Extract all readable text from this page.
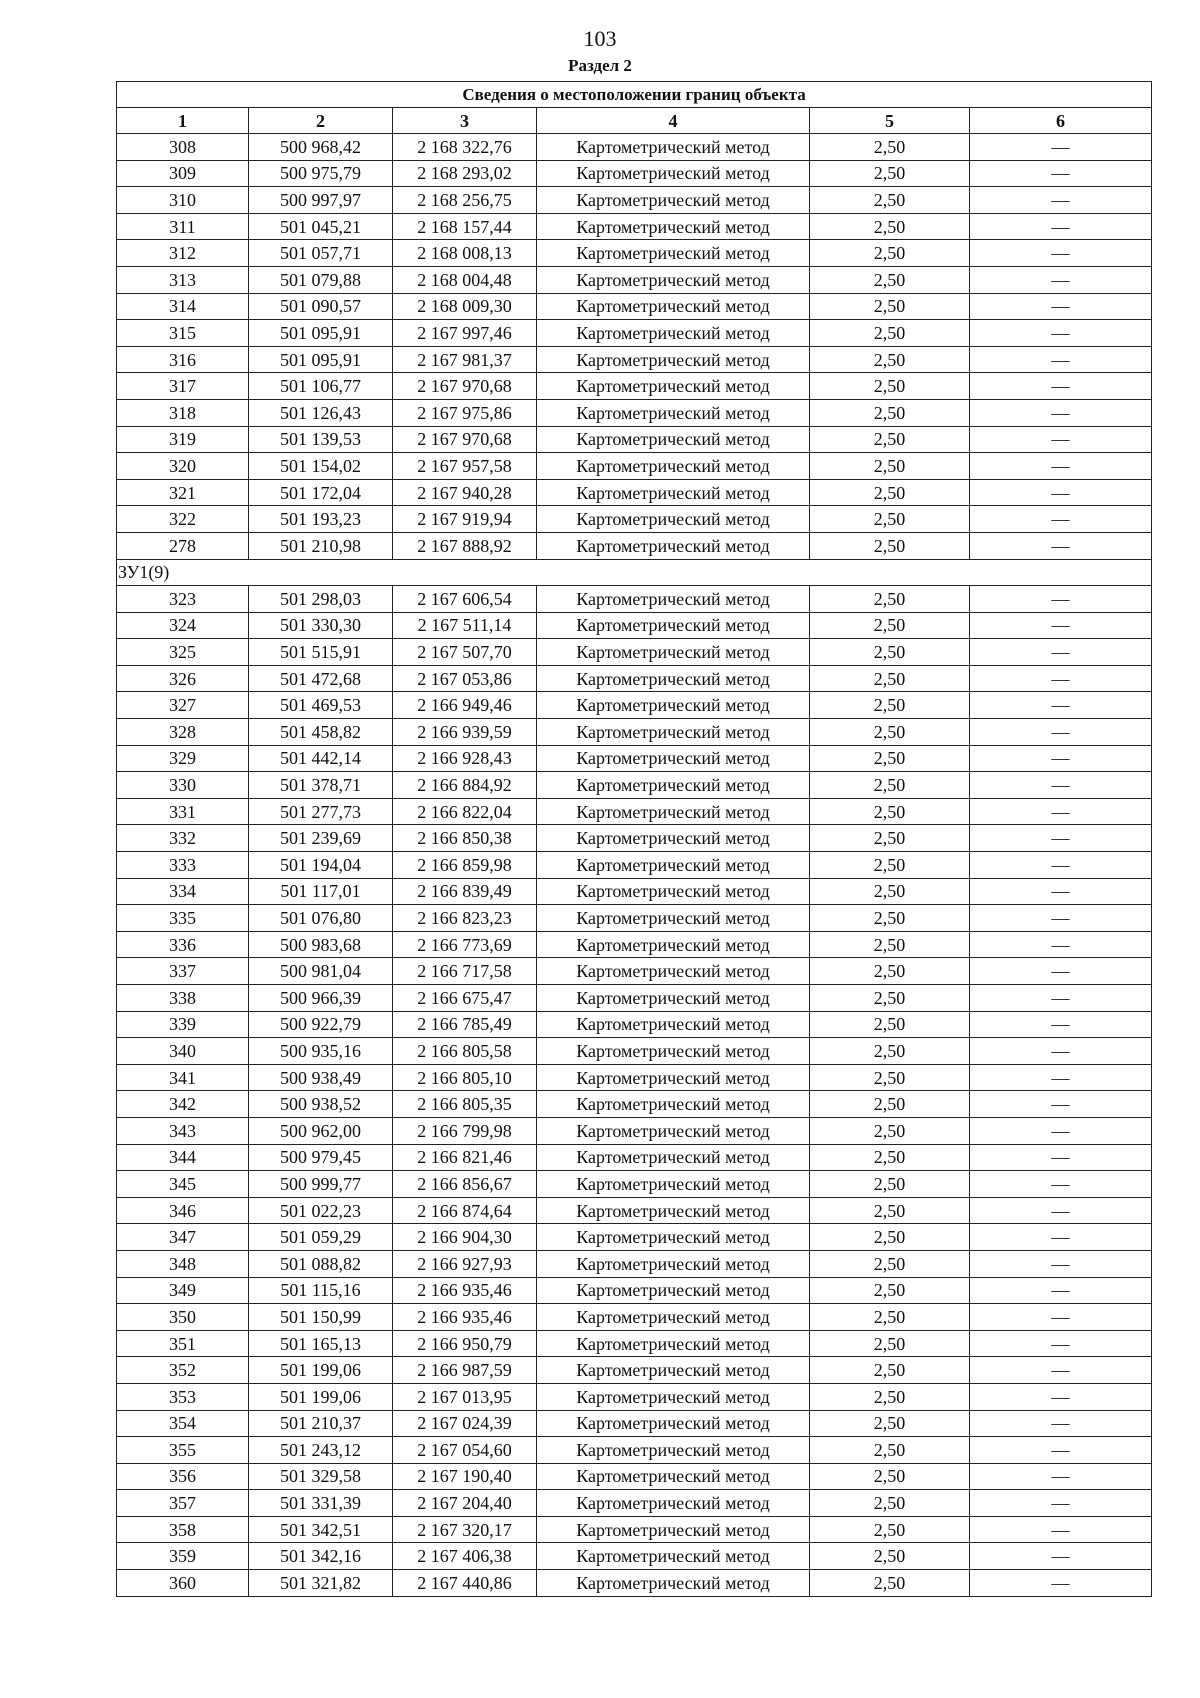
103
Раздел 2
Сведения о местоположении границ объекта					
1	2	3	4	5	6
308	500 968,42	2 168 322,76	Картометрический метод	2,50	—
309	500 975,79	2 168 293,02	Картометрический метод	2,50	—
310	500 997,97	2 168 256,75	Картометрический метод	2,50	—
311	501 045,21	2 168 157,44	Картометрический метод	2,50	—
312	501 057,71	2 168 008,13	Картометрический метод	2,50	—
313	501 079,88	2 168 004,48	Картометрический метод	2,50	—
314	501 090,57	2 168 009,30	Картометрический метод	2,50	—
315	501 095,91	2 167 997,46	Картометрический метод	2,50	—
316	501 095,91	2 167 981,37	Картометрический метод	2,50	—
317	501 106,77	2 167 970,68	Картометрический метод	2,50	—
318	501 126,43	2 167 975,86	Картометрический метод	2,50	—
319	501 139,53	2 167 970,68	Картометрический метод	2,50	—
320	501 154,02	2 167 957,58	Картометрический метод	2,50	—
321	501 172,04	2 167 940,28	Картометрический метод	2,50	—
322	501 193,23	2 167 919,94	Картометрический метод	2,50	—
278	501 210,98	2 167 888,92	Картометрический метод	2,50	—
ЗУ1(9)					
323	501 298,03	2 167 606,54	Картометрический метод	2,50	—
324	501 330,30	2 167 511,14	Картометрический метод	2,50	—
325	501 515,91	2 167 507,70	Картометрический метод	2,50	—
326	501 472,68	2 167 053,86	Картометрический метод	2,50	—
327	501 469,53	2 166 949,46	Картометрический метод	2,50	—
328	501 458,82	2 166 939,59	Картометрический метод	2,50	—
329	501 442,14	2 166 928,43	Картометрический метод	2,50	—
330	501 378,71	2 166 884,92	Картометрический метод	2,50	—
331	501 277,73	2 166 822,04	Картометрический метод	2,50	—
332	501 239,69	2 166 850,38	Картометрический метод	2,50	—
333	501 194,04	2 166 859,98	Картометрический метод	2,50	—
334	501 117,01	2 166 839,49	Картометрический метод	2,50	—
335	501 076,80	2 166 823,23	Картометрический метод	2,50	—
336	500 983,68	2 166 773,69	Картометрический метод	2,50	—
337	500 981,04	2 166 717,58	Картометрический метод	2,50	—
338	500 966,39	2 166 675,47	Картометрический метод	2,50	—
339	500 922,79	2 166 785,49	Картометрический метод	2,50	—
340	500 935,16	2 166 805,58	Картометрический метод	2,50	—
341	500 938,49	2 166 805,10	Картометрический метод	2,50	—
342	500 938,52	2 166 805,35	Картометрический метод	2,50	—
343	500 962,00	2 166 799,98	Картометрический метод	2,50	—
344	500 979,45	2 166 821,46	Картометрический метод	2,50	—
345	500 999,77	2 166 856,67	Картометрический метод	2,50	—
346	501 022,23	2 166 874,64	Картометрический метод	2,50	—
347	501 059,29	2 166 904,30	Картометрический метод	2,50	—
348	501 088,82	2 166 927,93	Картометрический метод	2,50	—
349	501 115,16	2 166 935,46	Картометрический метод	2,50	—
350	501 150,99	2 166 935,46	Картометрический метод	2,50	—
351	501 165,13	2 166 950,79	Картометрический метод	2,50	—
352	501 199,06	2 166 987,59	Картометрический метод	2,50	—
353	501 199,06	2 167 013,95	Картометрический метод	2,50	—
354	501 210,37	2 167 024,39	Картометрический метод	2,50	—
355	501 243,12	2 167 054,60	Картометрический метод	2,50	—
356	501 329,58	2 167 190,40	Картометрический метод	2,50	—
357	501 331,39	2 167 204,40	Картометрический метод	2,50	—
358	501 342,51	2 167 320,17	Картометрический метод	2,50	—
359	501 342,16	2 167 406,38	Картометрический метод	2,50	—
360	501 321,82	2 167 440,86	Картометрический метод	2,50	—
